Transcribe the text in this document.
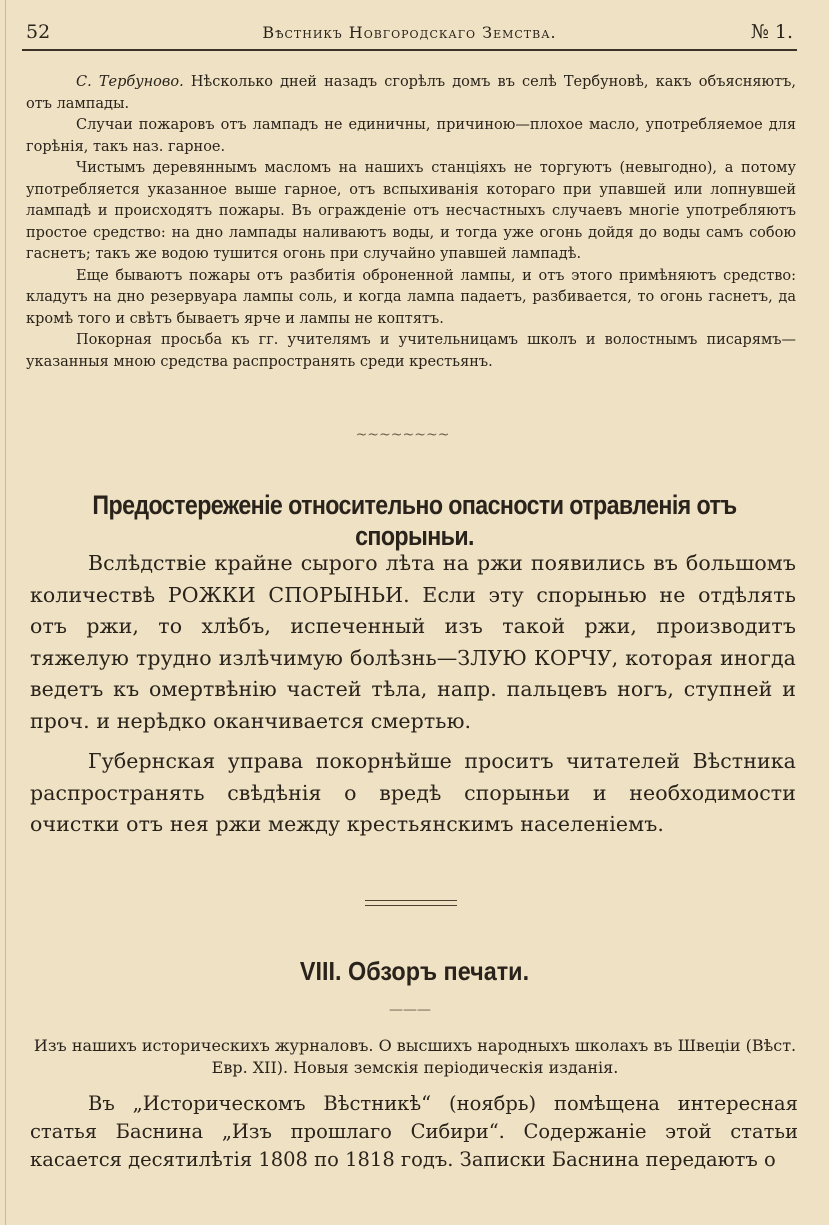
52	Вѣстникъ Новгородскаго Земства.	№ 1.

С. Тербуново. Нѣсколько дней назадъ сгорѣлъ домъ въ селѣ Тербуновѣ, какъ объясняютъ, отъ лампады.

Случаи пожаровъ отъ лампадъ не единичны, причиною—плохое масло, употребляемое для горѣнія, такъ наз. гарное.

Чистымъ деревяннымъ масломъ на нашихъ станціяхъ не торгуютъ (невыгодно), а потому употребляется указанное выше гарное, отъ вспыхиванія котораго при упавшей или лопнувшей лампадѣ и происходятъ пожары. Въ огражденіе отъ несчастныхъ случаевъ многіе употребляютъ простое средство: на дно лампады наливаютъ воды, и тогда уже огонь дойдя до воды самъ собою гаснетъ; такъ же водою тушится огонь при случайно упавшей лампадѣ.

Еще бываютъ пожары отъ разбитія оброненной лампы, и отъ этого примѣняютъ средство: кладутъ на дно резервуара лампы соль, и когда лампа падаетъ, разбивается, то огонь гаснетъ, да кромѣ того и свѣтъ бываетъ ярче и лампы не коптятъ.

Покорная просьба къ гг. учителямъ и учительницамъ школъ и волостнымъ писарямъ—указанныя мною средства распространять среди крестьянъ.

~~~~~~~~
Предостереженіе относительно опасности отравленія отъ спорыньи.

Вслѣдствіе крайне сырого лѣта на ржи появились въ большомъ количествѣ РОЖКИ СПОРЫНЬИ. Если эту спорынью не отдѣлять отъ ржи, то хлѣбъ, испеченный изъ такой ржи, производитъ тяжелую трудно излѣчимую болѣзнь—ЗЛУЮ КОРЧУ, которая иногда ведетъ къ омертвѣнію частей тѣла, напр. пальцевъ ногъ, ступней и проч. и нерѣдко оканчивается смертью.

Губернская управа покорнѣйше проситъ читателей Вѣстника распространять свѣдѣнія о вредѣ спорыньи и необходимости очистки отъ нея ржи между крестьянскимъ населеніемъ.

VIII. Обзоръ печати.
———
Изъ нашихъ историческихъ журналовъ. О высшихъ народныхъ школахъ въ Швеціи (Вѣст. Евр. XII). Новыя земскія періодическія изданія.

Въ „Историческомъ Вѣстникѣ“ (ноябрь) помѣщена интересная статья Баснина „Изъ прошлаго Сибири“. Содержаніе этой статьи касается десятилѣтія 1808 по 1818 годъ. Записки Баснина передаютъ о
